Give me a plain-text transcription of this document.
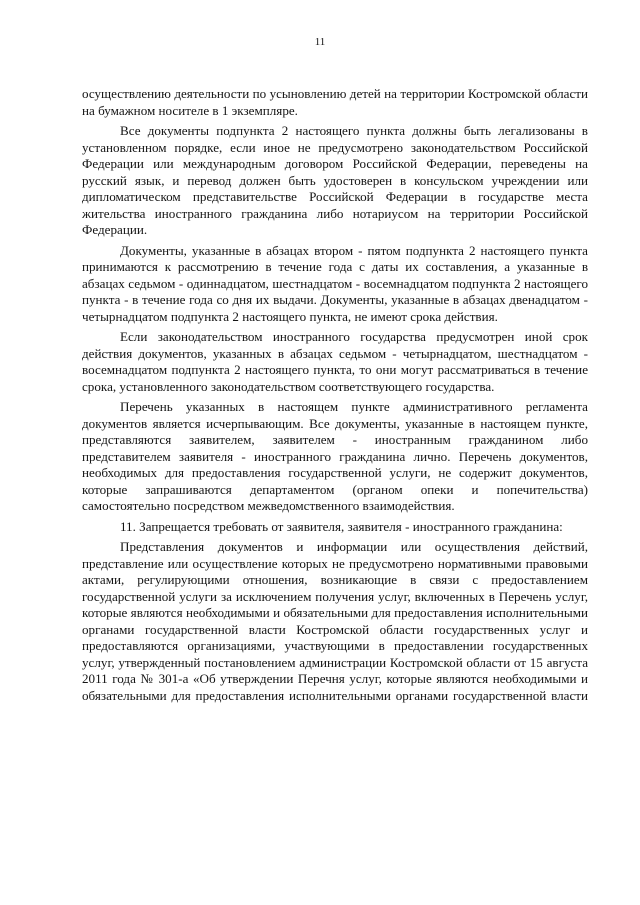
11

осуществлению деятельности по усыновлению детей на территории Костромской области на бумажном носителе в 1 экземпляре.

Все документы подпункта 2 настоящего пункта должны быть легализованы в установленном порядке, если иное не предусмотрено законодательством Российской Федерации или международным договором Российской Федерации, переведены на русский язык, и перевод должен быть удостоверен в консульском учреждении или дипломатическом представительстве Российской Федерации в государстве места жительства иностранного гражданина либо нотариусом на территории Российской Федерации.

Документы, указанные в абзацах втором - пятом подпункта 2 настоящего пункта принимаются к рассмотрению в течение года с даты их составления, а указанные в абзацах седьмом - одиннадцатом, шестнадцатом - восемнадцатом подпункта 2 настоящего пункта - в течение года со дня их выдачи. Документы, указанные в абзацах двенадцатом - четырнадцатом подпункта 2 настоящего пункта, не имеют срока действия.

Если законодательством иностранного государства предусмотрен иной срок действия документов, указанных в абзацах седьмом - четырнадцатом, шестнадцатом - восемнадцатом подпункта 2 настоящего пункта, то они могут рассматриваться в течение срока, установленного законодательством соответствующего государства.

Перечень указанных в настоящем пункте административного регламента документов является исчерпывающим. Все документы, указанные в настоящем пункте, представляются заявителем, заявителем - иностранным гражданином либо представителем заявителя - иностранного гражданина лично. Перечень документов, необходимых для предоставления государственной услуги, не содержит документов, которые запрашиваются департаментом (органом опеки и попечительства) самостоятельно посредством межведомственного взаимодействия.

11. Запрещается требовать от заявителя, заявителя - иностранного гражданина:

Представления документов и информации или осуществления действий, представление или осуществление которых не предусмотрено нормативными правовыми актами, регулирующими отношения, возникающие в связи с предоставлением государственной услуги за исключением получения услуг, включенных в Перечень услуг, которые являются необходимыми и обязательными для предоставления исполнительными органами государственной власти Костромской области государственных услуг и предоставляются организациями, участвующими в предоставлении государственных услуг, утвержденный постановлением администрации Костромской области от 15 августа 2011 года № 301-а «Об утверждении Перечня услуг, которые являются необходимыми и обязательными для предоставления исполнительными органами государственной власти
